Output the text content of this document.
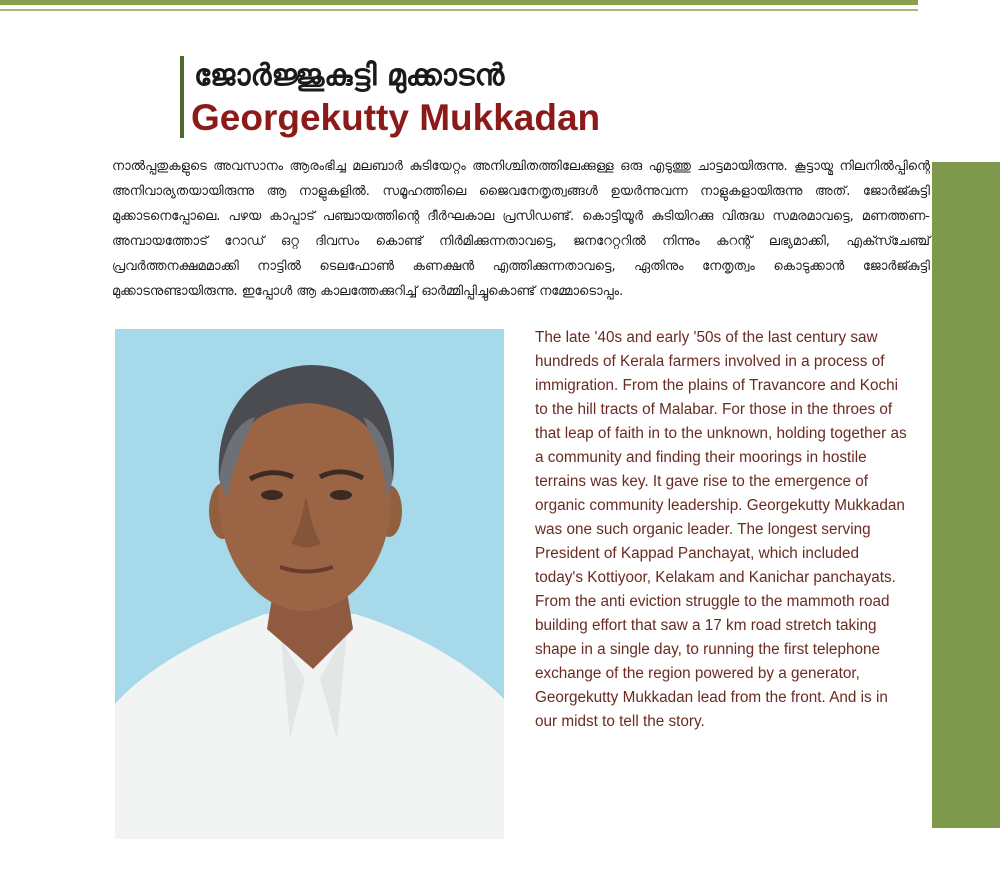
ജോർജ്ജുകുട്ടി മുക്കാടൻ
Georgekutty Mukkadan

നാൽപ്പതുകളുടെ അവസാനം ആരംഭിച്ച മലബാർ കുടിയേറ്റം അനിശ്ചിതത്തിലേക്കുള്ള ഒരു എടുത്തു ചാട്ടമായിരുന്നു. കൂട്ടായ്മ നിലനിൽപ്പിന്റെ അനിവാര്യതയായിരുന്നു ആ നാളുകളിൽ. സമൂഹത്തിലെ ജൈവനേതൃത്വങ്ങൾ ഉയർന്നുവന്ന നാളുകളായിരുന്നു അത്. ജോർജ്കുട്ടി മുക്കാടനെപ്പോലെ. പഴയ കാപ്പാട് പഞ്ചായത്തിന്റെ ദീർഘകാല പ്രസിഡണ്ട്. കൊട്ടിയൂർ കുടിയിറക്കു വിരുദ്ധ സമരമാവട്ടെ, മണത്തണ- അമ്പായത്തോട് റോഡ് ഒറ്റ ദിവസം കൊണ്ട് നിർമിക്കുന്നതാവട്ടെ, ജനറേറ്ററിൽ നിന്നും കറന്റ് ലഭ്യമാക്കി, എക്സ്ചേഞ്ച് പ്രവർത്തനക്ഷമമാക്കി നാട്ടിൽ ടെലഫോൺ കണക്ഷൻ എത്തിക്കുന്നതാവട്ടെ, ഏതിനും നേതൃത്വം കൊടുക്കാൻ ജോർജ്കുട്ടി മുക്കാടനുണ്ടായിരുന്നു. ഇപ്പോൾ ആ കാലത്തേക്കുറിച്ച് ഓർമ്മിപ്പിച്ചുകൊണ്ട് നമ്മോടൊപ്പം.

The late '40s and early '50s of the last century saw hundreds of Kerala farmers involved in a process of immigration. From the plains of Travancore and Kochi to the hill tracts of Malabar. For those in the throes of that leap of faith in to the unknown, holding together as a community and finding their moorings in hostile terrains was key. It gave rise to the emergence of organic community leadership. Georgekutty Mukkadan was one such organic leader. The longest serving President of Kappad Panchayat, which included today's Kottiyoor, Kelakam and Kanichar panchayats. From the anti eviction struggle to the mammoth road building effort that saw a 17 km road stretch taking shape in a single day, to running the first telephone exchange of the region powered by a generator, Georgekutty Mukkadan lead from the front. And is in our midst to tell the story.
